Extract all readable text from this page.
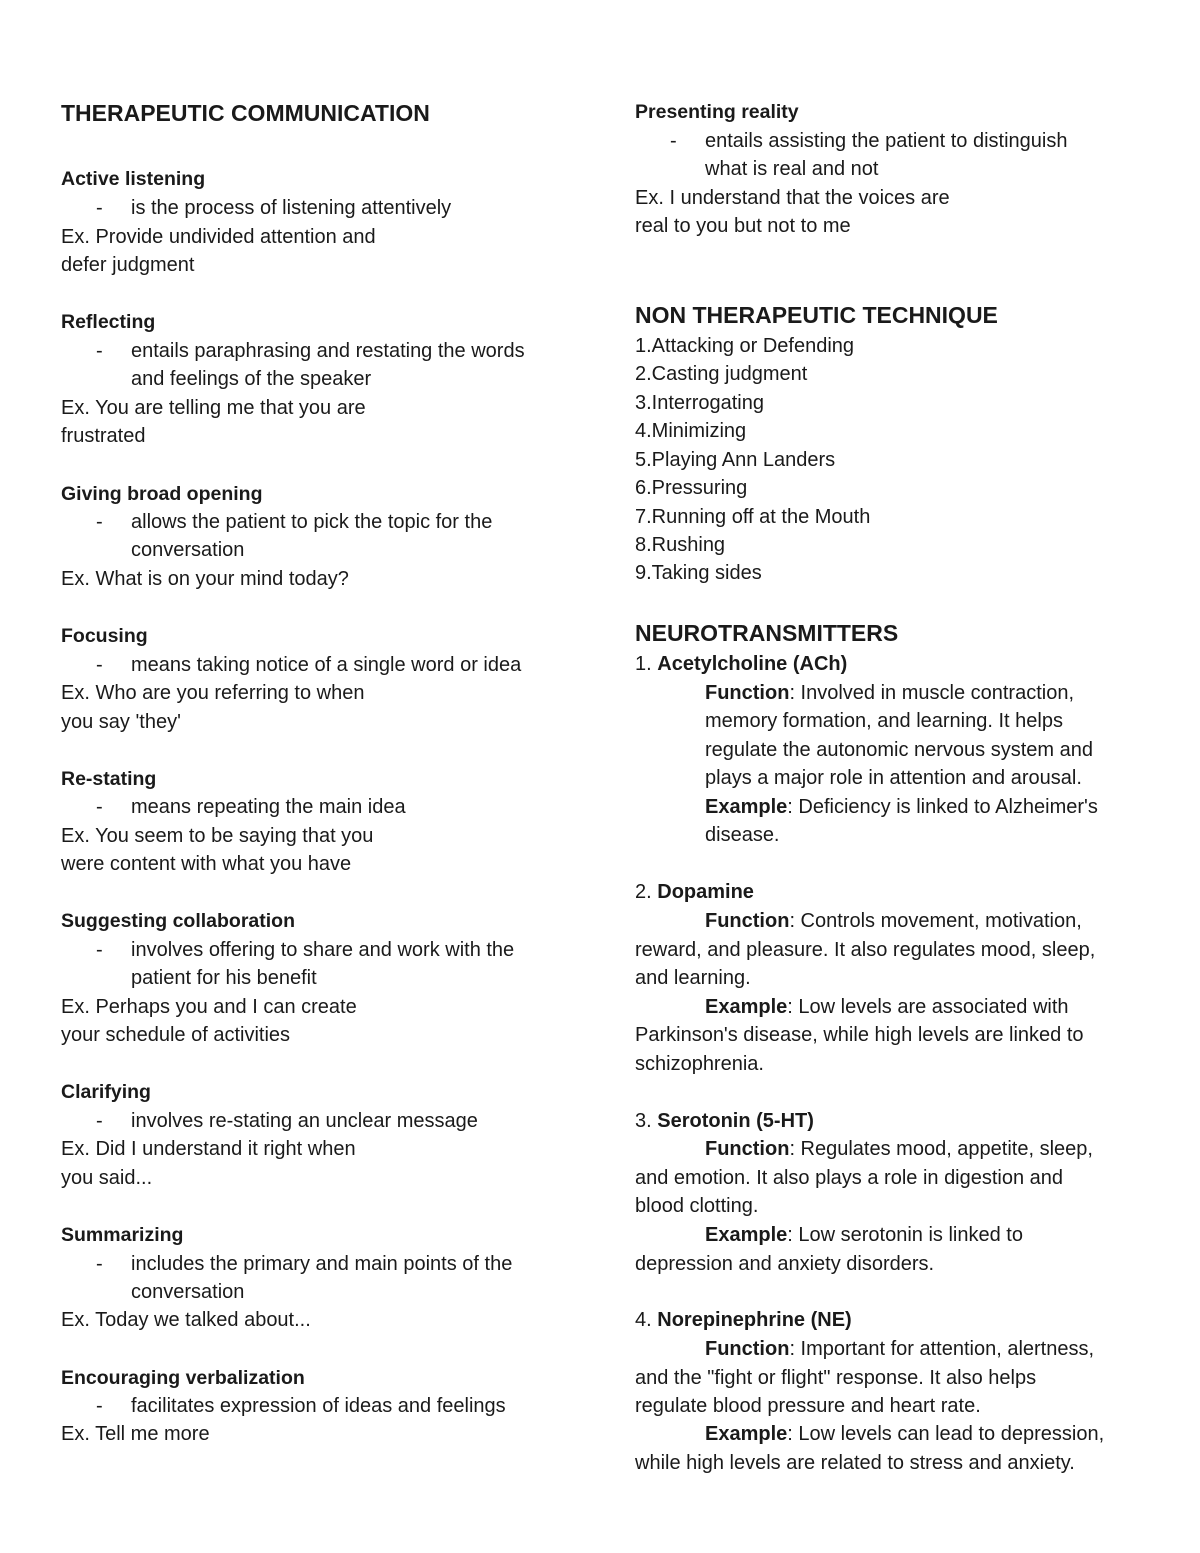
THERAPEUTIC COMMUNICATION
Active listening
- is the process of listening attentively
Ex. Provide undivided attention and
defer judgment
Reflecting
- entails paraphrasing and restating the words
and feelings of the speaker
Ex. You are telling me that you are
frustrated
Giving broad opening
- allows the patient to pick the topic for the
conversation
Ex. What is on your mind today?
Focusing
- means taking notice of a single word or idea
Ex. Who are you referring to when
you say 'they'
Re-stating
- means repeating the main idea
Ex. You seem to be saying that you
were content with what you have
Suggesting collaboration
- involves offering to share and work with the
patient for his benefit
Ex. Perhaps you and I can create
your schedule of activities
Clarifying
- involves re-stating an unclear message
Ex. Did I understand it right when
you said...
Summarizing
- includes the primary and main points of the
conversation
Ex. Today we talked about...
Encouraging verbalization
- facilitates expression of ideas and feelings
Ex. Tell me more
Presenting reality
- entails assisting the patient to distinguish
what is real and not
Ex. I understand that the voices are
real to you but not to me
NON THERAPEUTIC TECHNIQUE
1.Attacking or Defending
2.Casting judgment
3.Interrogating
4.Minimizing
5.Playing Ann Landers
6.Pressuring
7.Running off at the Mouth
8.Rushing
9.Taking sides
NEUROTRANSMITTERS
1. Acetylcholine (ACh)
Function: Involved in muscle contraction,
memory formation, and learning. It helps
regulate the autonomic nervous system and
plays a major role in attention and arousal.
Example: Deficiency is linked to Alzheimer's
disease.
2. Dopamine
Function: Controls movement, motivation,
reward, and pleasure. It also regulates mood, sleep,
and learning.
Example: Low levels are associated with
Parkinson's disease, while high levels are linked to
schizophrenia.
3. Serotonin (5-HT)
Function: Regulates mood, appetite, sleep,
and emotion. It also plays a role in digestion and
blood clotting.
Example: Low serotonin is linked to
depression and anxiety disorders.
4. Norepinephrine (NE)
Function: Important for attention, alertness,
and the "fight or flight" response. It also helps
regulate blood pressure and heart rate.
Example: Low levels can lead to depression,
while high levels are related to stress and anxiety.
